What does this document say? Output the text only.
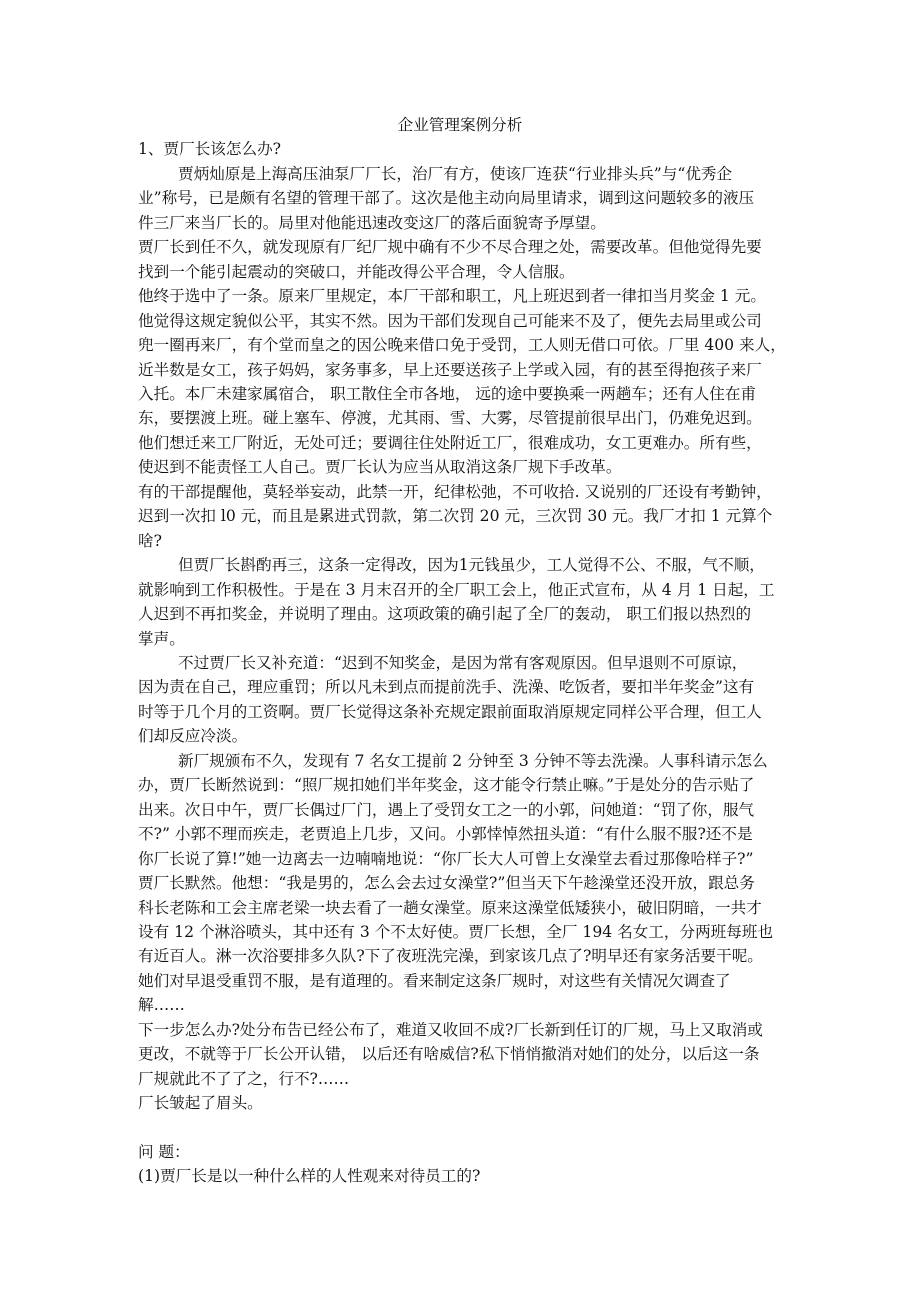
企业管理案例分析
1、贾厂长该怎么办?
贾炳灿原是上海高压油泵厂厂长，治厂有方，使该厂连获“行业排头兵”与“优秀企
业”称号，已是颇有名望的管理干部了。这次是他主动向局里请求，调到这问题较多的液压
件三厂来当厂长的。局里对他能迅速改变这厂的落后面貌寄予厚望。
贾厂长到任不久，就发现原有厂纪厂规中确有不少不尽合理之处，需要改革。但他觉得先要
找到一个能引起震动的突破口，并能改得公平合理，令人信服。
他终于选中了一条。原来厂里规定，本厂干部和职工，凡上班迟到者一律扣当月奖金 1 元。
他觉得这规定貌似公平，其实不然。因为干部们发现自己可能来不及了，便先去局里或公司
兜一圈再来厂，有个堂而皇之的因公晚来借口免于受罚，工人则无借口可依。厂里 400 来人，
近半数是女工，孩子妈妈，家务事多，早上还要送孩子上学或入园，有的甚至得抱孩子来厂
入托。本厂未建家属宿合， 职工散住全市各地， 远的途中要换乘一两趟车；还有人住在甫
东，要摆渡上班。碰上塞车、停渡，尤其雨、雪、大雾，尽管提前很早出门，仍难免迟到。
他们想迁来工厂附近，无处可迁；要调往住处附近工厂，很难成功，女工更难办。所有些，
使迟到不能责怪工人自己。贾厂长认为应当从取消这条厂规下手改革。
有的干部提醒他，莫轻举妄动，此禁一开，纪律松弛，不可收拾. 又说别的厂还设有考勤钟，
迟到一次扣 l0 元，而且是累进式罚款，第二次罚 20 元，三次罚 30 元。我厂才扣 1 元算个
啥?
但贾厂长斟酌再三，这条一定得改，因为1元钱虽少，工人觉得不公、不服，气不顺，
就影响到工作积极性。于是在 3 月末召开的全厂职工会上，他正式宣布，从 4 月 1 日起，工
人迟到不再扣奖金，并说明了理由。这项政策的确引起了全厂的轰动， 职工们报以热烈的
掌声。
不过贾厂长又补充道：“迟到不知奖金，是因为常有客观原因。但早退则不可原谅，
因为责在自己，理应重罚；所以凡未到点而提前洗手、洗澡、吃饭者，要扣半年奖金”这有
时等于几个月的工资啊。贾厂长觉得这条补充规定跟前面取消原规定同样公平合理，但工人
们却反应冷淡。
新厂规颁布不久，发现有 7 名女工提前 2 分钟至 3 分钟不等去洗澡。人事科请示怎么
办，贾厂长断然说到：“照厂规扣她们半年奖金，这才能令行禁止嘛。”于是处分的告示贴了
出来。次日中午，贾厂长偶过厂门，遇上了受罚女工之一的小郭，问她道：“罚了你，服气
不?” 小郭不理而疾走，老贾追上几步，又问。小郭悻悼然扭头道：“有什么服不服?还不是
你厂长说了算!”她一边离去一边喃喃地说：“你厂长大人可曾上女澡堂去看过那像哈样子?”
贾厂长默然。他想：“我是男的，怎么会去过女澡堂?”但当天下午趁澡堂还没开放，跟总务
科长老陈和工会主席老梁一块去看了一趟女澡堂。原来这澡堂低矮狭小，破旧阴暗，一共才
设有 12 个淋浴喷头，其中还有 3 个不太好使。贾厂长想，全厂 194 名女工，分两班每班也
有近百人。淋一次浴要排多久队?下了夜班洗完澡，到家该几点了?明早还有家务活要干呢。
她们对早退受重罚不服，是有道理的。看来制定这条厂规时，对这些有关情况欠调查了
解……
下一步怎么办?处分布告已经公布了，难道又收回不成?厂长新到任订的厂规，马上又取消或
更改，不就等于厂长公开认错， 以后还有啥威信?私下悄悄撤消对她们的处分，以后这一条
厂规就此不了了之，行不?……
厂长皱起了眉头。
问 题：
(1)贾厂长是以一种什么样的人性观来对待员工的?
